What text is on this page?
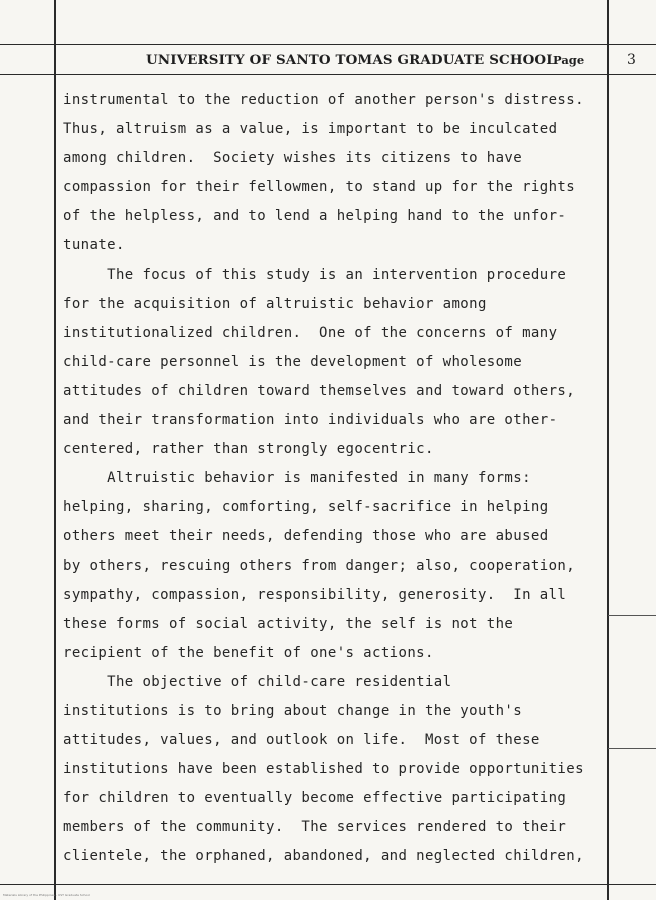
UNIVERSITY OF SANTO TOMAS GRADUATE SCHOOL
Page	3
instrumental to the reduction of another person's distress.
Thus, altruism as a value, is important to be inculcated
among children.  Society wishes its citizens to have
compassion for their fellowmen, to stand up for the rights
of the helpless, and to lend a helping hand to the unfor-
tunate.
The focus of this study is an intervention procedure
for the acquisition of altruistic behavior among
institutionalized children.  One of the concerns of many
child-care personnel is the development of wholesome
attitudes of children toward themselves and toward others,
and their transformation into individuals who are other-
centered, rather than strongly egocentric.
Altruistic behavior is manifested in many forms:
helping, sharing, comforting, self-sacrifice in helping
others meet their needs, defending those who are abused
by others, rescuing others from danger; also, cooperation,
sympathy, compassion, responsibility, generosity.  In all
these forms of social activity, the self is not the
recipient of the benefit of one's actions.
The objective of child-care residential
institutions is to bring about change in the youth's
attitudes, values, and outlook on life.  Most of these
institutions have been established to provide opportunities
for children to eventually become effective participating
members of the community.  The services rendered to their
clientele, the orphaned, abandoned, and neglected children,
Materials Library of the Philippines - UST Graduate School
